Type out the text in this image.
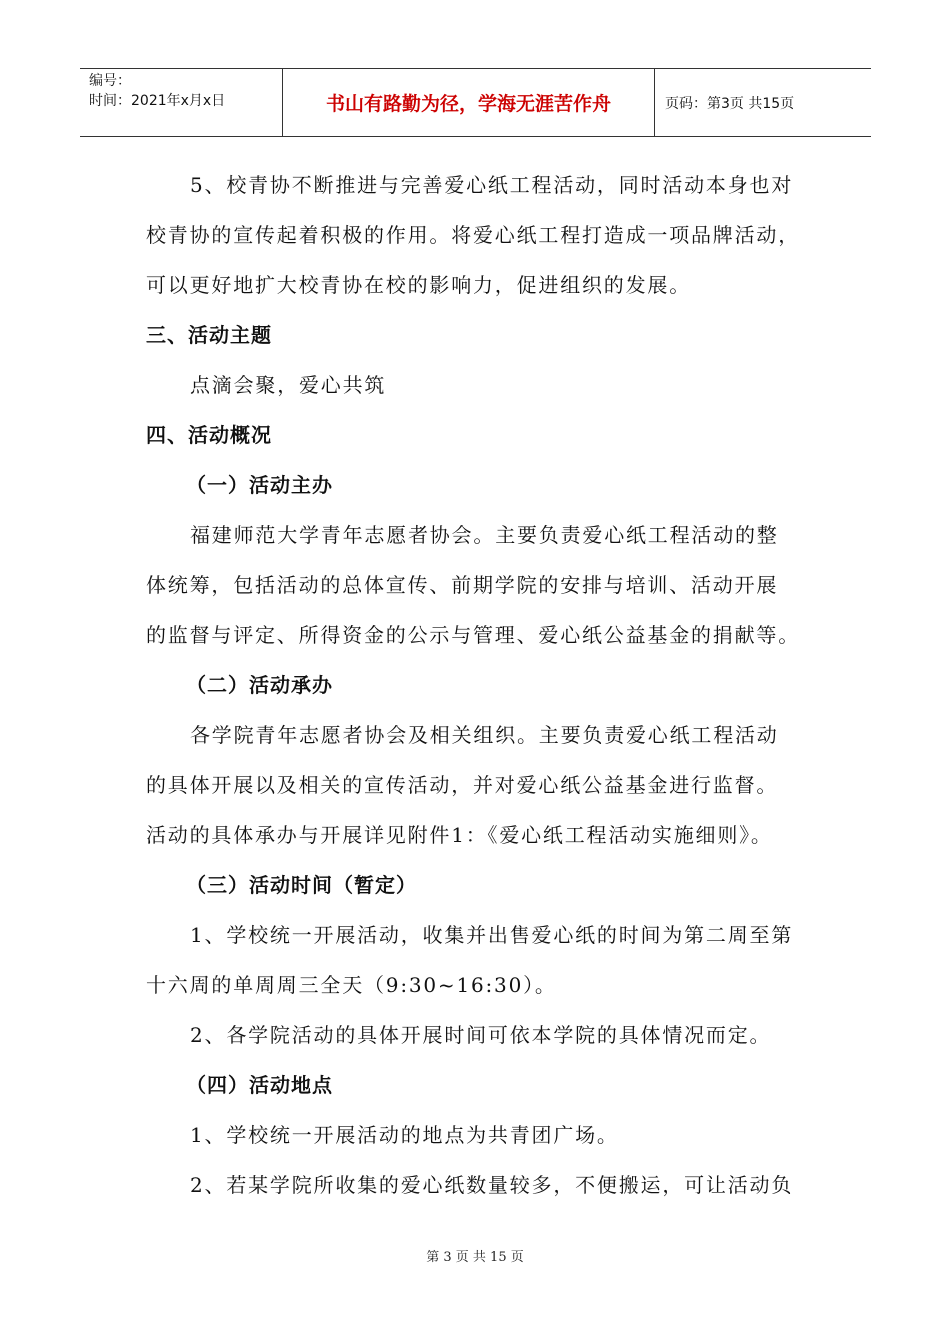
编号：
时间：2021年x月x日	书山有路勤为径，学海无涯苦作舟	页码：第3页 共15页
5、校青协不断推进与完善爱心纸工程活动，同时活动本身也对
校青协的宣传起着积极的作用。将爱心纸工程打造成一项品牌活动，
可以更好地扩大校青协在校的影响力，促进组织的发展。
三、活动主题
点滴会聚，爱心共筑
四、活动概况
（一）活动主办
福建师范大学青年志愿者协会。主要负责爱心纸工程活动的整
体统筹，包括活动的总体宣传、前期学院的安排与培训、活动开展
的监督与评定、所得资金的公示与管理、爱心纸公益基金的捐献等。
（二）活动承办
各学院青年志愿者协会及相关组织。主要负责爱心纸工程活动
的具体开展以及相关的宣传活动，并对爱心纸公益基金进行监督。
活动的具体承办与开展详见附件1：《爱心纸工程活动实施细则》。
（三）活动时间（暂定）
1、学校统一开展活动，收集并出售爱心纸的时间为第二周至第
十六周的单周周三全天（9:30~16:30）。
2、各学院活动的具体开展时间可依本学院的具体情况而定。
（四）活动地点
1、学校统一开展活动的地点为共青团广场。
2、若某学院所收集的爱心纸数量较多，不便搬运，可让活动负
第 3 页 共 15 页
